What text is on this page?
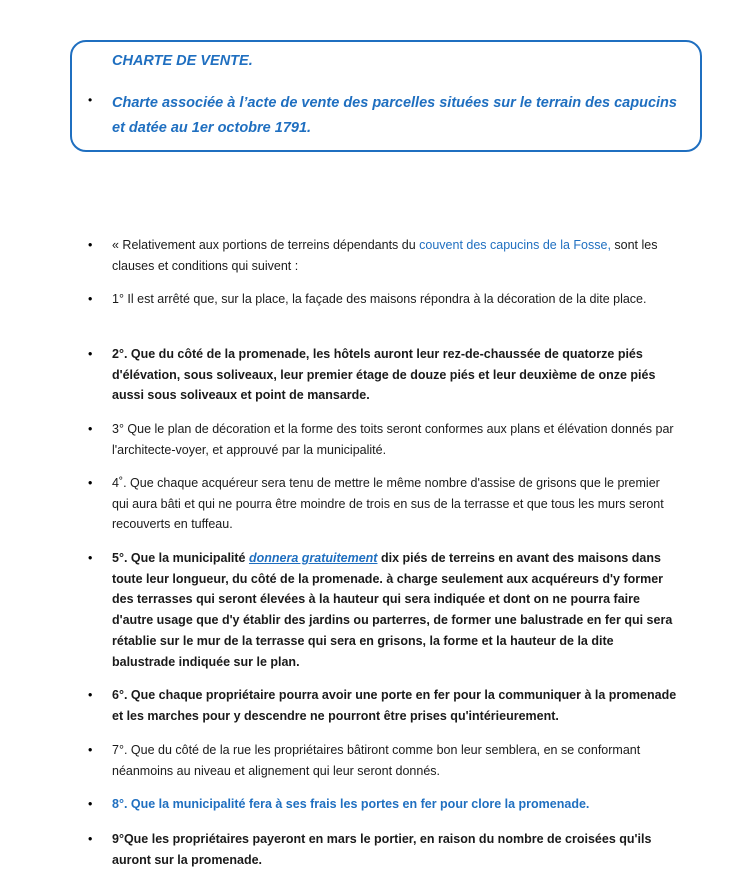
CHARTE DE VENTE.
• Charte associée à l’acte de vente des parcelles situées sur le terrain des capucins et datée au 1er octobre 1791.
• « Relativement aux portions de terreins dépendants du couvent des capucins de la Fosse, sont les clauses et conditions qui suivent :
• 1° Il est arrêté que, sur la place, la façade des maisons répondra à la décoration de la dite place.
• 2°. Que du côté de la promenade, les hôtels auront leur rez-de-chaussée de quatorze piés d'élévation, sous soliveaux, leur premier étage de douze piés et leur deuxième de onze piés aussi sous soliveaux et point de mansarde.
• 3° Que le plan de décoration et la forme des toits seront conformes aux plans et élévation donnés par l'architecte-voyer, et approuvé par la municipalité.
• 4˚. Que chaque acquéreur sera tenu de mettre le même nombre d'assise de grisons que le premier qui aura bâti et qui ne pourra être moindre de trois en sus de la terrasse et que tous les murs seront recouverts en tuffeau.
• 5°. Que la municipalité donnera gratuitement dix piés de terreins en avant des maisons dans toute leur longueur, du côté de la promenade. à charge seulement aux acquéreurs d'y former des terrasses qui seront élevées à la hauteur qui sera indiquée et dont on ne pourra faire d'autre usage que d'y établir des jardins ou parterres, de former une balustrade en fer qui sera rétablie sur le mur de la terrasse qui sera en grisons, la forme et la hauteur de la dite balustrade indiquée sur le plan.
• 6°. Que chaque propriétaire pourra avoir une porte en fer pour la communiquer à la promenade et les marches pour y descendre ne pourront être prises qu'intérieurement.
• 7°. Que du côté de la rue les propriétaires bâtiront comme bon leur semblera, en se conformant néanmoins au niveau et alignement qui leur seront donnés.
• 8°. Que la municipalité fera à ses frais les portes en fer pour clore la promenade.
• 9°Que les propriétaires payeront en mars le portier, en raison du nombre de croisées qu'ils auront sur la promenade.
